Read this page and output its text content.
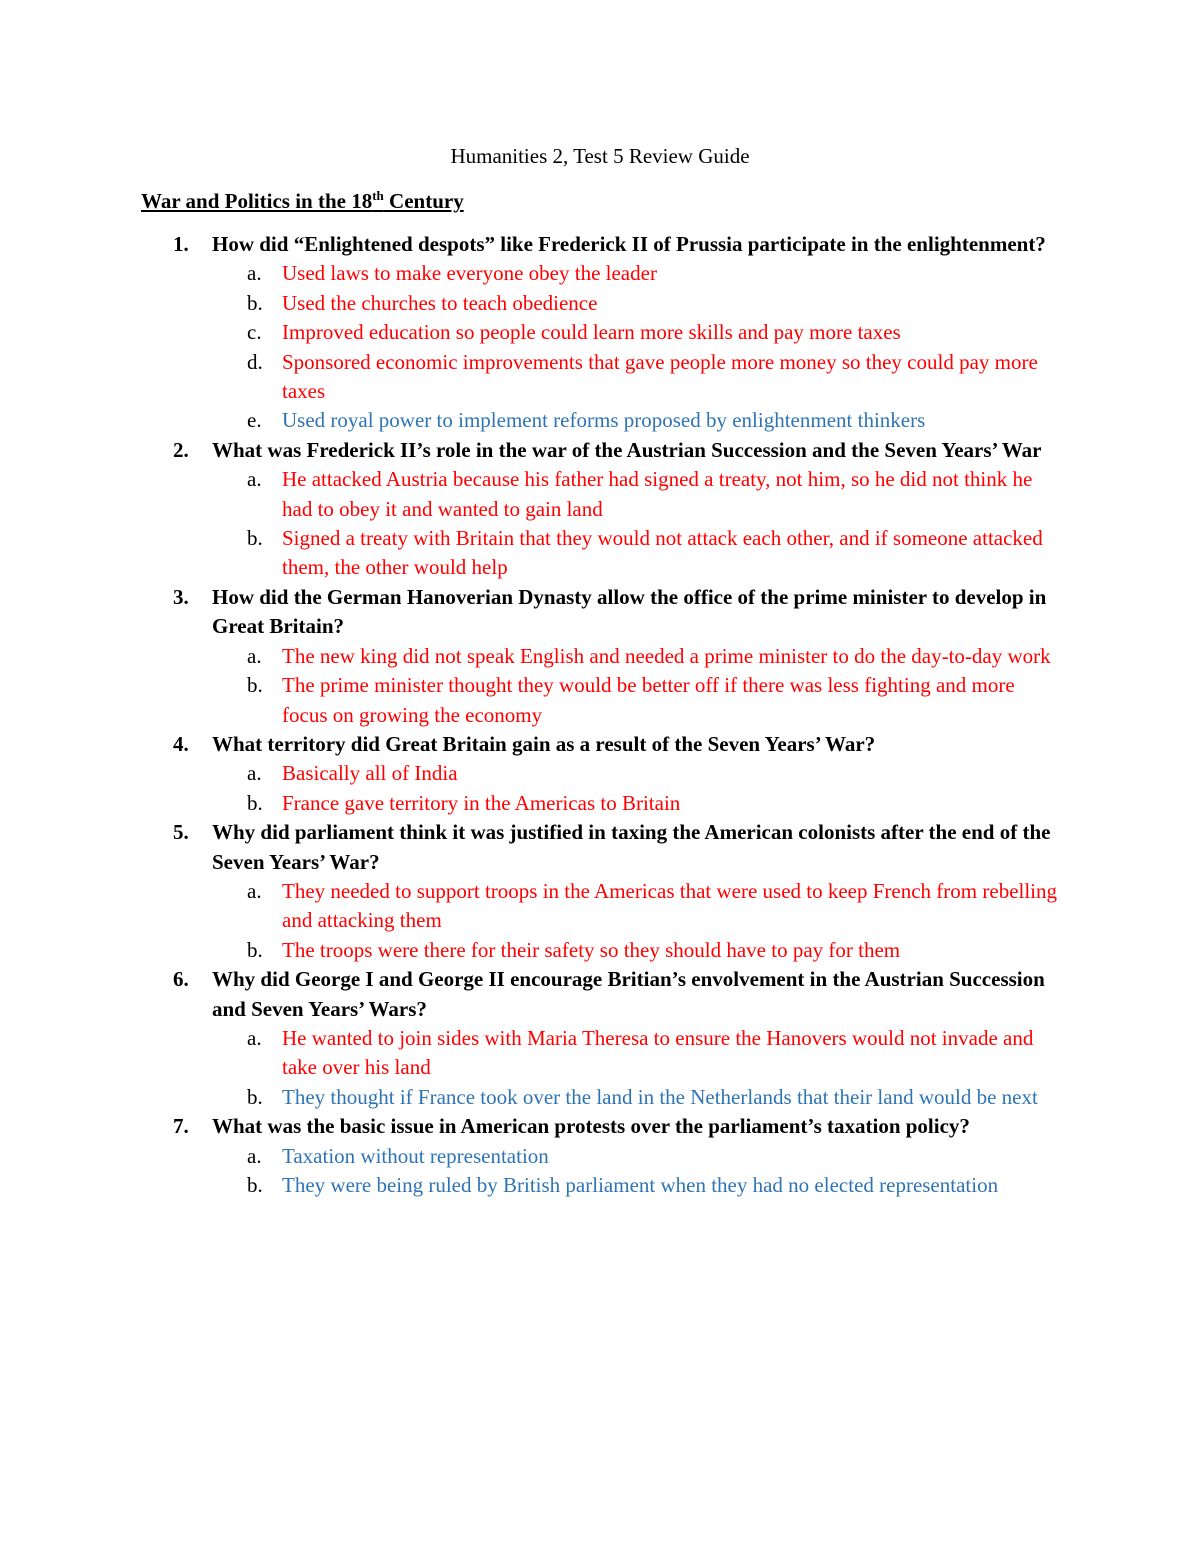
Humanities 2, Test 5 Review Guide
War and Politics in the 18th Century
1. How did “Enlightened despots” like Frederick II of Prussia participate in the enlightenment?
a. Used laws to make everyone obey the leader
b. Used the churches to teach obedience
c. Improved education so people could learn more skills and pay more taxes
d. Sponsored economic improvements that gave people more money so they could pay more taxes
e. Used royal power to implement reforms proposed by enlightenment thinkers
2. What was Frederick II’s role in the war of the Austrian Succession and the Seven Years’ War
a. He attacked Austria because his father had signed a treaty, not him, so he did not think he had to obey it and wanted to gain land
b. Signed a treaty with Britain that they would not attack each other, and if someone attacked them, the other would help
3. How did the German Hanoverian Dynasty allow the office of the prime minister to develop in Great Britain?
a. The new king did not speak English and needed a prime minister to do the day-to-day work
b. The prime minister thought they would be better off if there was less fighting and more focus on growing the economy
4. What territory did Great Britain gain as a result of the Seven Years’ War?
a. Basically all of India
b. France gave territory in the Americas to Britain
5. Why did parliament think it was justified in taxing the American colonists after the end of the Seven Years’ War?
a. They needed to support troops in the Americas that were used to keep French from rebelling and attacking them
b. The troops were there for their safety so they should have to pay for them
6. Why did George I and George II encourage Britian’s envolvement in the Austrian Succession and Seven Years’ Wars?
a. He wanted to join sides with Maria Theresa to ensure the Hanovers would not invade and take over his land
b. They thought if France took over the land in the Netherlands that their land would be next
7. What was the basic issue in American protests over the parliament’s taxation policy?
a. Taxation without representation
b. They were being ruled by British parliament when they had no elected representation
